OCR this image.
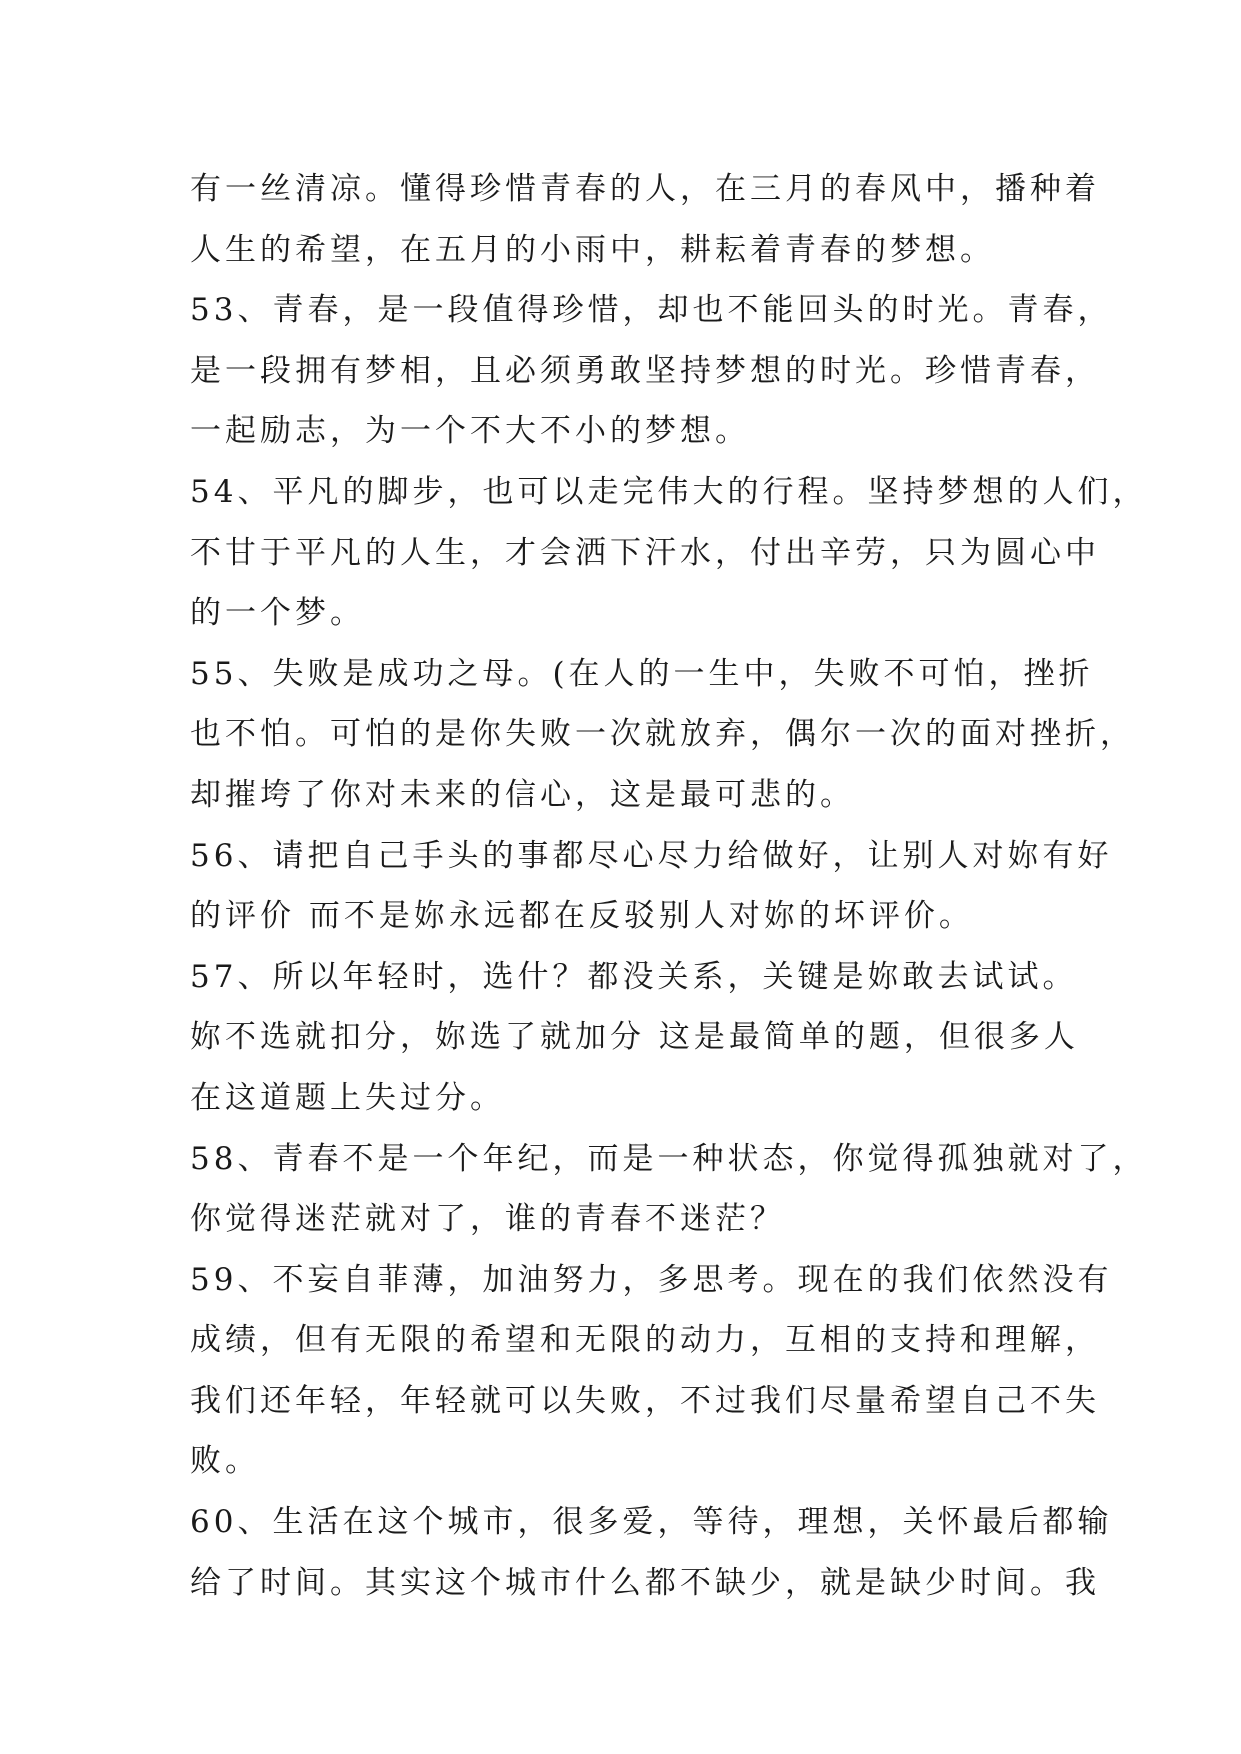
有一丝清凉。懂得珍惜青春的人，在三月的春风中，播种着
人生的希望，在五月的小雨中，耕耘着青春的梦想。
53、青春，是一段值得珍惜，却也不能回头的时光。青春，
是一段拥有梦相，且必须勇敢坚持梦想的时光。珍惜青春，
一起励志，为一个不大不小的梦想。
54、平凡的脚步，也可以走完伟大的行程。坚持梦想的人们，
不甘于平凡的人生，才会洒下汗水，付出辛劳，只为圆心中
的一个梦。
55、失败是成功之母。(在人的一生中，失败不可怕，挫折
也不怕。可怕的是你失败一次就放弃，偶尔一次的面对挫折，
却摧垮了你对未来的信心，这是最可悲的。
56、请把自己手头的事都尽心尽力给做好，让别人对妳有好
的评价 而不是妳永远都在反驳别人对妳的坏评价。
57、所以年轻时，选什？都没关系，关键是妳敢去试试。
妳不选就扣分，妳选了就加分 这是最简单的题，但很多人
在这道题上失过分。
58、青春不是一个年纪，而是一种状态，你觉得孤独就对了，
你觉得迷茫就对了，谁的青春不迷茫？
59、不妄自菲薄，加油努力，多思考。现在的我们依然没有
成绩，但有无限的希望和无限的动力，互相的支持和理解，
我们还年轻，年轻就可以失败，不过我们尽量希望自己不失
败。
60、生活在这个城市，很多爱，等待，理想，关怀最后都输
给了时间。其实这个城市什么都不缺少，就是缺少时间。我
